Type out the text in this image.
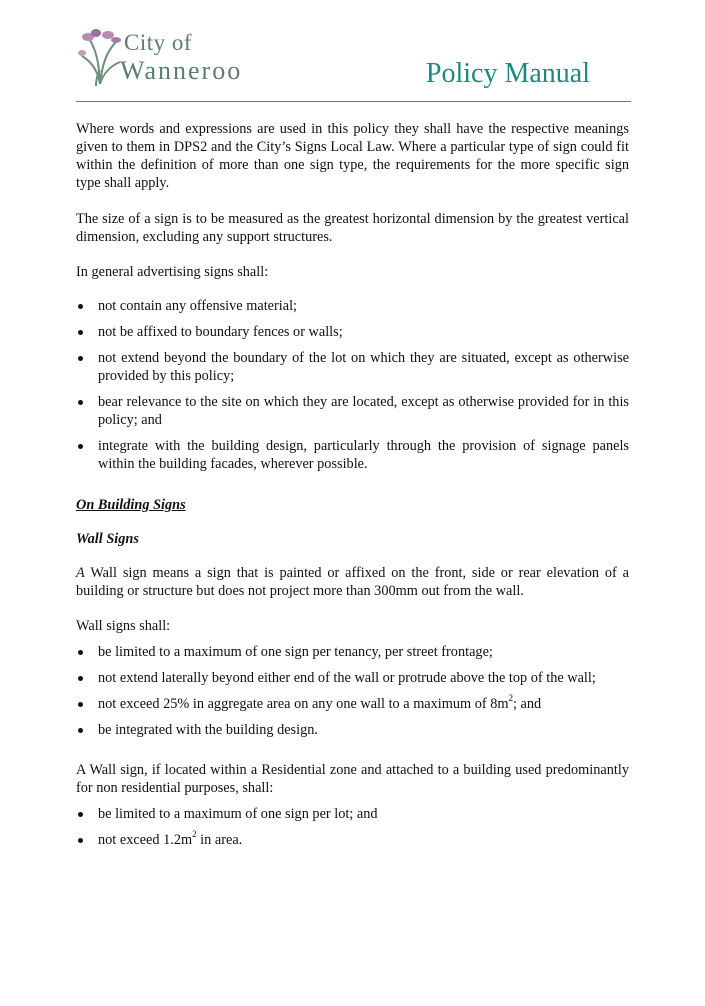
City of
Wanneroo	Policy Manual

Where words and expressions are used in this policy they shall have the respective meanings given to them in DPS2 and the City’s Signs Local Law. Where a particular type of sign could fit within the definition of more than one sign type, the requirements for the more specific sign type shall apply.

The size of a sign is to be measured as the greatest horizontal dimension by the greatest vertical dimension, excluding any support structures.

In general advertising signs shall:

not contain any offensive material;
not be affixed to boundary fences or walls;
not extend beyond the boundary of the lot on which they are situated, except as otherwise provided by this policy;
bear relevance to the site on which they are located, except as otherwise provided for in this policy; and
integrate with the building design, particularly through the provision of signage panels within the building facades, wherever possible.

On Building Signs

Wall Signs

A Wall sign means a sign that is painted or affixed on the front, side or rear elevation of a building or structure but does not project more than 300mm out from the wall.

Wall signs shall:

be limited to a maximum of one sign per tenancy, per street frontage;
not extend laterally beyond either end of the wall or protrude above the top of the wall;
not exceed 25% in aggregate area on any one wall to a maximum of $8m^2$; and
be integrated with the building design.

A Wall sign, if located within a Residential zone and attached to a building used predominantly for non residential purposes, shall:

be limited to a maximum of one sign per lot; and
not exceed $1.2m^2$ in area.
